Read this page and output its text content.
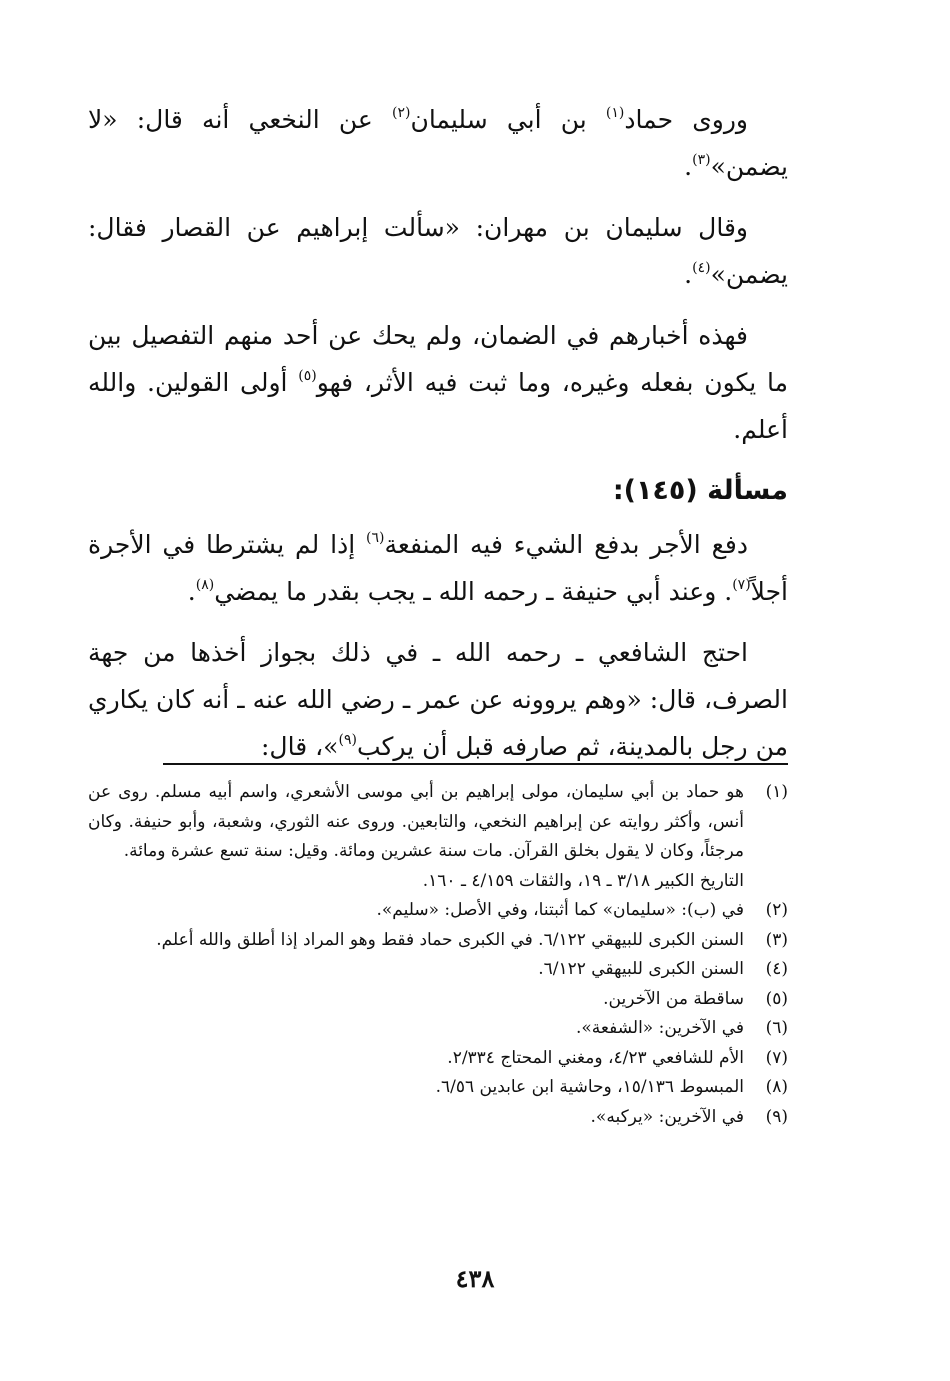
وروى حماد$^{(١)}$ بن أبي سليمان$^{(٢)}$ عن النخعي أنه قال: «لا يضمن»$^{(٣)}$.

وقال سليمان بن مهران: «سألت إبراهيم عن القصار فقال: يضمن»$^{(٤)}$.

فهذه أخبارهم في الضمان، ولم يحك عن أحد منهم التفصيل بين ما يكون بفعله وغيره، وما ثبت فيه الأثر، فهو$^{(٥)}$ أولى القولين. والله أعلم.

مسألة (١٤٥):

دفع الأجر بدفع الشيء فيه المنفعة$^{(٦)}$ إذا لم يشترطا في الأجرة أجلاً$^{(٧)}$. وعند أبي حنيفة ـ رحمه الله ـ يجب بقدر ما يمضي$^{(٨)}$.

احتج الشافعي ـ رحمه الله ـ في ذلك بجواز أخذها من جهة الصرف، قال: «وهم يروونه عن عمر ـ رضي الله عنه ـ أنه كان يكاري من رجل بالمدينة، ثم صارفه قبل أن يركب$^{(٩)}$»، قال:

(١)
هو حماد بن أبي سليمان، مولى إبراهيم بن أبي موسى الأشعري، واسم أبيه مسلم. روى عن أنس، وأكثر روايته عن إبراهيم النخعي، والتابعين. وروى عنه الثوري، وشعبة، وأبو حنيفة. وكان مرجئاً، وكان لا يقول بخلق القرآن. مات سنة عشرين ومائة. وقيل: سنة تسع عشرة ومائة.
التاريخ الكبير ٣/١٨ ـ ١٩، والثقات ٤/١٥٩ ـ ١٦٠.
(٢)
في (ب): «سليمان» كما أثبتنا، وفي الأصل: «سليم».
(٣)
السنن الكبرى للبيهقي ٦/١٢٢. في الكبرى حماد فقط وهو المراد إذا أطلق والله أعلم.
(٤)
السنن الكبرى للبيهقي ٦/١٢٢.
(٥)
ساقطة من الآخرين.
(٦)
في الآخرين: «الشفعة».
(٧)
الأم للشافعي ٤/٢٣، ومغني المحتاج ٢/٣٣٤.
(٨)
المبسوط ١٥/١٣٦، وحاشية ابن عابدين ٦/٥٦.
(٩)
في الآخرين: «يركبه».
٤٣٨
